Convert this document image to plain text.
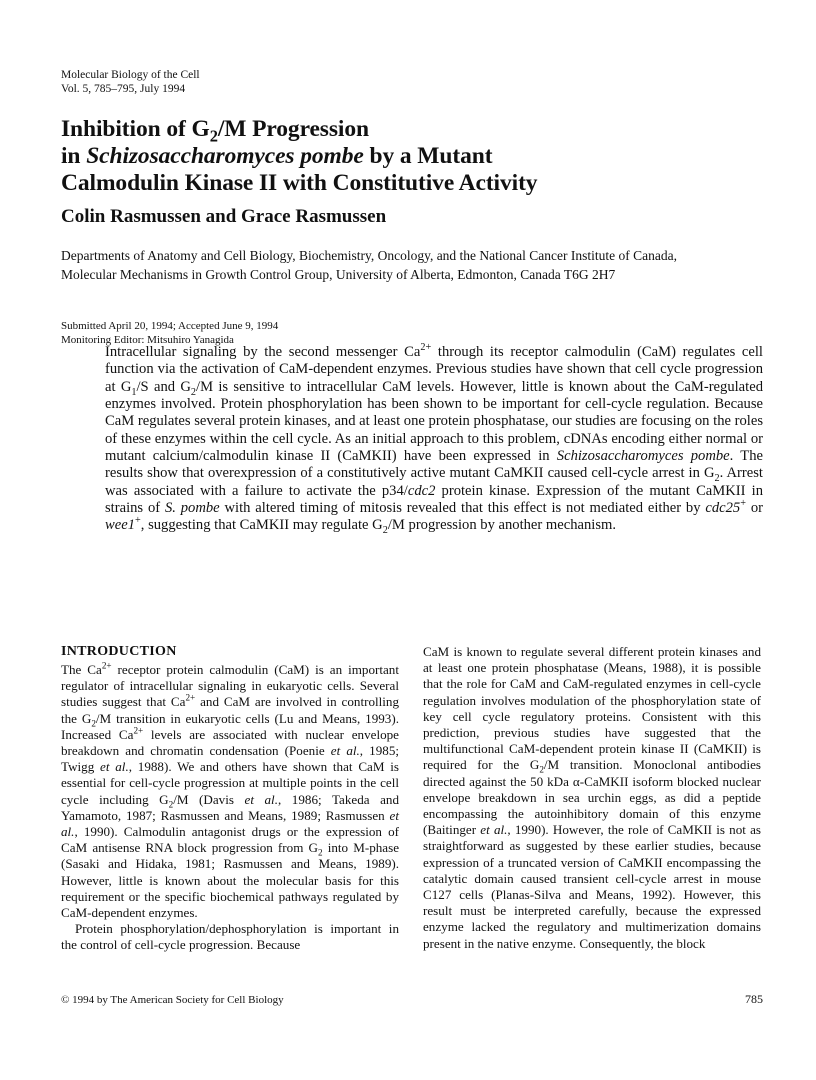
Molecular Biology of the Cell
Vol. 5, 785–795, July 1994
Inhibition of $G_2/M$ Progression
in Schizosaccharomyces pombe by a Mutant
Calmodulin Kinase II with Constitutive Activity
Colin Rasmussen and Grace Rasmussen
Departments of Anatomy and Cell Biology, Biochemistry, Oncology, and the National Cancer Institute of Canada, Molecular Mechanisms in Growth Control Group, University of Alberta, Edmonton, Canada T6G 2H7
Submitted April 20, 1994; Accepted June 9, 1994
Monitoring Editor: Mitsuhiro Yanagida

Intracellular signaling by the second messenger $Ca^{2+}$ through its receptor calmodulin (CaM) regulates cell function via the activation of CaM-dependent enzymes. Previous studies have shown that cell cycle progression at $G_1/S$ and $G_2/M$ is sensitive to intracellular CaM levels. However, little is known about the CaM-regulated enzymes involved. Protein phosphorylation has been shown to be important for cell-cycle regulation. Because CaM regulates several protein kinases, and at least one protein phosphatase, our studies are focusing on the roles of these enzymes within the cell cycle. As an initial approach to this problem, cDNAs encoding either normal or mutant calcium/calmodulin kinase II (CaMKII) have been expressed in Schizosaccharomyces pombe. The results show that overexpression of a constitutively active mutant CaMKII caused cell-cycle arrest in $G_2$. Arrest was associated with a failure to activate the p34/cdc2 protein kinase. Expression of the mutant CaMKII in strains of S. pombe with altered timing of mitosis revealed that this effect is not mediated either by cdc25+ or wee1+, suggesting that CaMKII may regulate $G_2/M$ progression by another mechanism.

INTRODUCTION

The $Ca^{2+}$ receptor protein calmodulin (CaM) is an important regulator of intracellular signaling in eukaryotic cells. Several studies suggest that $Ca^{2+}$ and CaM are involved in controlling the $G_2/M$ transition in eukaryotic cells (Lu and Means, 1993). Increased $Ca^{2+}$ levels are associated with nuclear envelope breakdown and chromatin condensation (Poenie et al., 1985; Twigg et al., 1988). We and others have shown that CaM is essential for cell-cycle progression at multiple points in the cell cycle including $G_2/M$ (Davis et al., 1986; Takeda and Yamamoto, 1987; Rasmussen and Means, 1989; Rasmussen et al., 1990). Calmodulin antagonist drugs or the expression of CaM antisense RNA block progression from $G_2$ into M-phase (Sasaki and Hidaka, 1981; Rasmussen and Means, 1989). However, little is known about the molecular basis for this requirement or the specific biochemical pathways regulated by CaM-dependent enzymes.

Protein phosphorylation/dephosphorylation is important in the control of cell-cycle progression. Because

CaM is known to regulate several different protein kinases and at least one protein phosphatase (Means, 1988), it is possible that the role for CaM and CaM-regulated enzymes in cell-cycle regulation involves modulation of the phosphorylation state of key cell cycle regulatory proteins. Consistent with this prediction, previous studies have suggested that the multifunctional CaM-dependent protein kinase II (CaMKII) is required for the $G_2/M$ transition. Monoclonal antibodies directed against the 50 kDa α-CaMKII isoform blocked nuclear envelope breakdown in sea urchin eggs, as did a peptide encompassing the autoinhibitory domain of this enzyme (Baitinger et al., 1990). However, the role of CaMKII is not as straightforward as suggested by these earlier studies, because expression of a truncated version of CaMKII encompassing the catalytic domain caused transient cell-cycle arrest in mouse C127 cells (Planas-Silva and Means, 1992). However, this result must be interpreted carefully, because the expressed enzyme lacked the regulatory and multimerization domains present in the native enzyme. Consequently, the block

© 1994 by The American Society for Cell Biology	785
